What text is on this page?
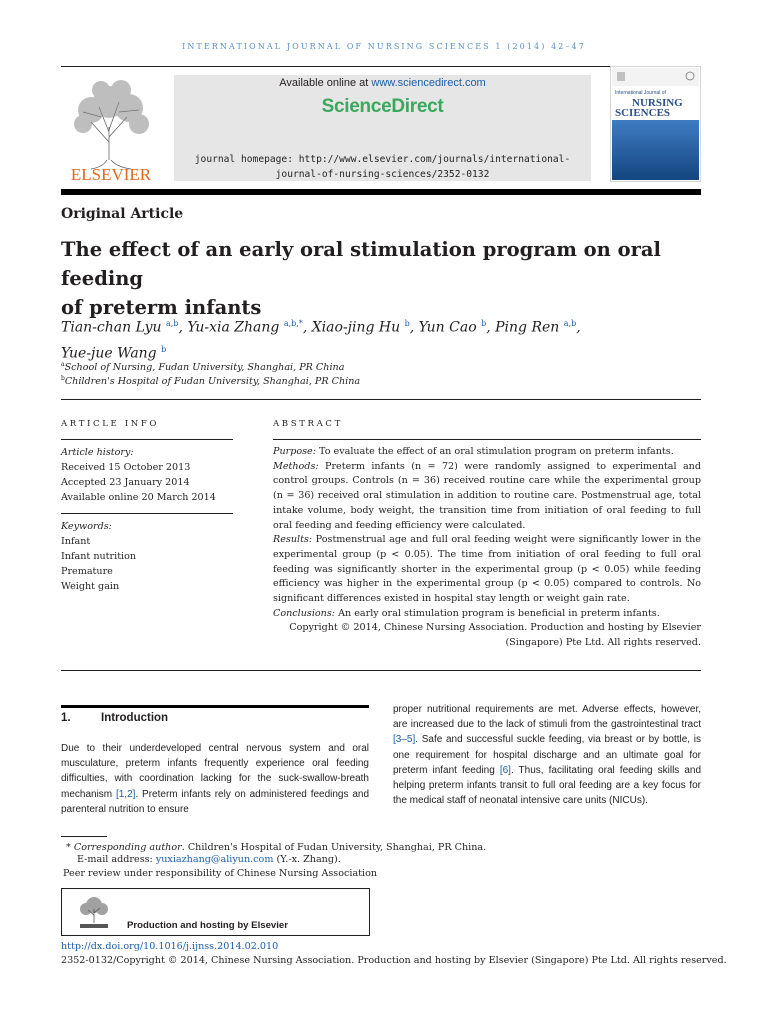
INTERNATIONAL JOURNAL OF NURSING SCIENCES 1 (2014) 42–47
ELSEVIER
Available online at www.sciencedirect.com
ScienceDirect
journal homepage: http://www.elsevier.com/journals/international-
journal-of-nursing-sciences/2352-0132
International Journal of
NURSING
SCIENCES
Original Article
The effect of an early oral stimulation program on oral feeding
of preterm infants
Tian-chan Lyu $^{a,b}$, Yu-xia Zhang $^{a,b,*}$, Xiao-jing Hu $^b$, Yun Cao $^b$, Ping Ren $^{a,b}$,
Yue-jue Wang $^b$
$^a$School of Nursing, Fudan University, Shanghai, PR China
$^b$Children's Hospital of Fudan University, Shanghai, PR China
ARTICLE INFO
Article history:
Received 15 October 2013
Accepted 23 January 2014
Available online 20 March 2014
Keywords:
Infant
Infant nutrition
Premature
Weight gain
ABSTRACT
Purpose: To evaluate the effect of an oral stimulation program on preterm infants.
Methods: Preterm infants (n = 72) were randomly assigned to experimental and control groups. Controls (n = 36) received routine care while the experimental group (n = 36) received oral stimulation in addition to routine care. Postmenstrual age, total intake volume, body weight, the transition time from initiation of oral feeding to full oral feeding and feeding efficiency were calculated.
Results: Postmenstrual age and full oral feeding weight were significantly lower in the experimental group (p < 0.05). The time from initiation of oral feeding to full oral feeding was significantly shorter in the experimental group (p < 0.05) while feeding efficiency was higher in the experimental group (p < 0.05) compared to controls. No significant differences existed in hospital stay length or weight gain rate.
Conclusions: An early oral stimulation program is beneficial in preterm infants.
Copyright © 2014, Chinese Nursing Association. Production and hosting by Elsevier
(Singapore) Pte Ltd. All rights reserved.
1.	Introduction
Due to their underdeveloped central nervous system and oral musculature, preterm infants frequently experience oral feeding difficulties, with coordination lacking for the suck-swallow-breath mechanism [1,2]. Preterm infants rely on administered feedings and parenteral nutrition to ensure
proper nutritional requirements are met. Adverse effects, however, are increased due to the lack of stimuli from the gastrointestinal tract [3–5]. Safe and successful suckle feeding, via breast or by bottle, is one requirement for hospital discharge and an ultimate goal for preterm infant feeding [6]. Thus, facilitating oral feeding skills and helping preterm infants transit to full oral feeding are a key focus for the medical staff of neonatal intensive care units (NICUs).
* Corresponding author. Children's Hospital of Fudan University, Shanghai, PR China.
E-mail address: yuxiazhang@aliyun.com (Y.-x. Zhang).
Peer review under responsibility of Chinese Nursing Association
Production and hosting by Elsevier
http://dx.doi.org/10.1016/j.ijnss.2014.02.010
2352-0132/Copyright © 2014, Chinese Nursing Association. Production and hosting by Elsevier (Singapore) Pte Ltd. All rights reserved.
